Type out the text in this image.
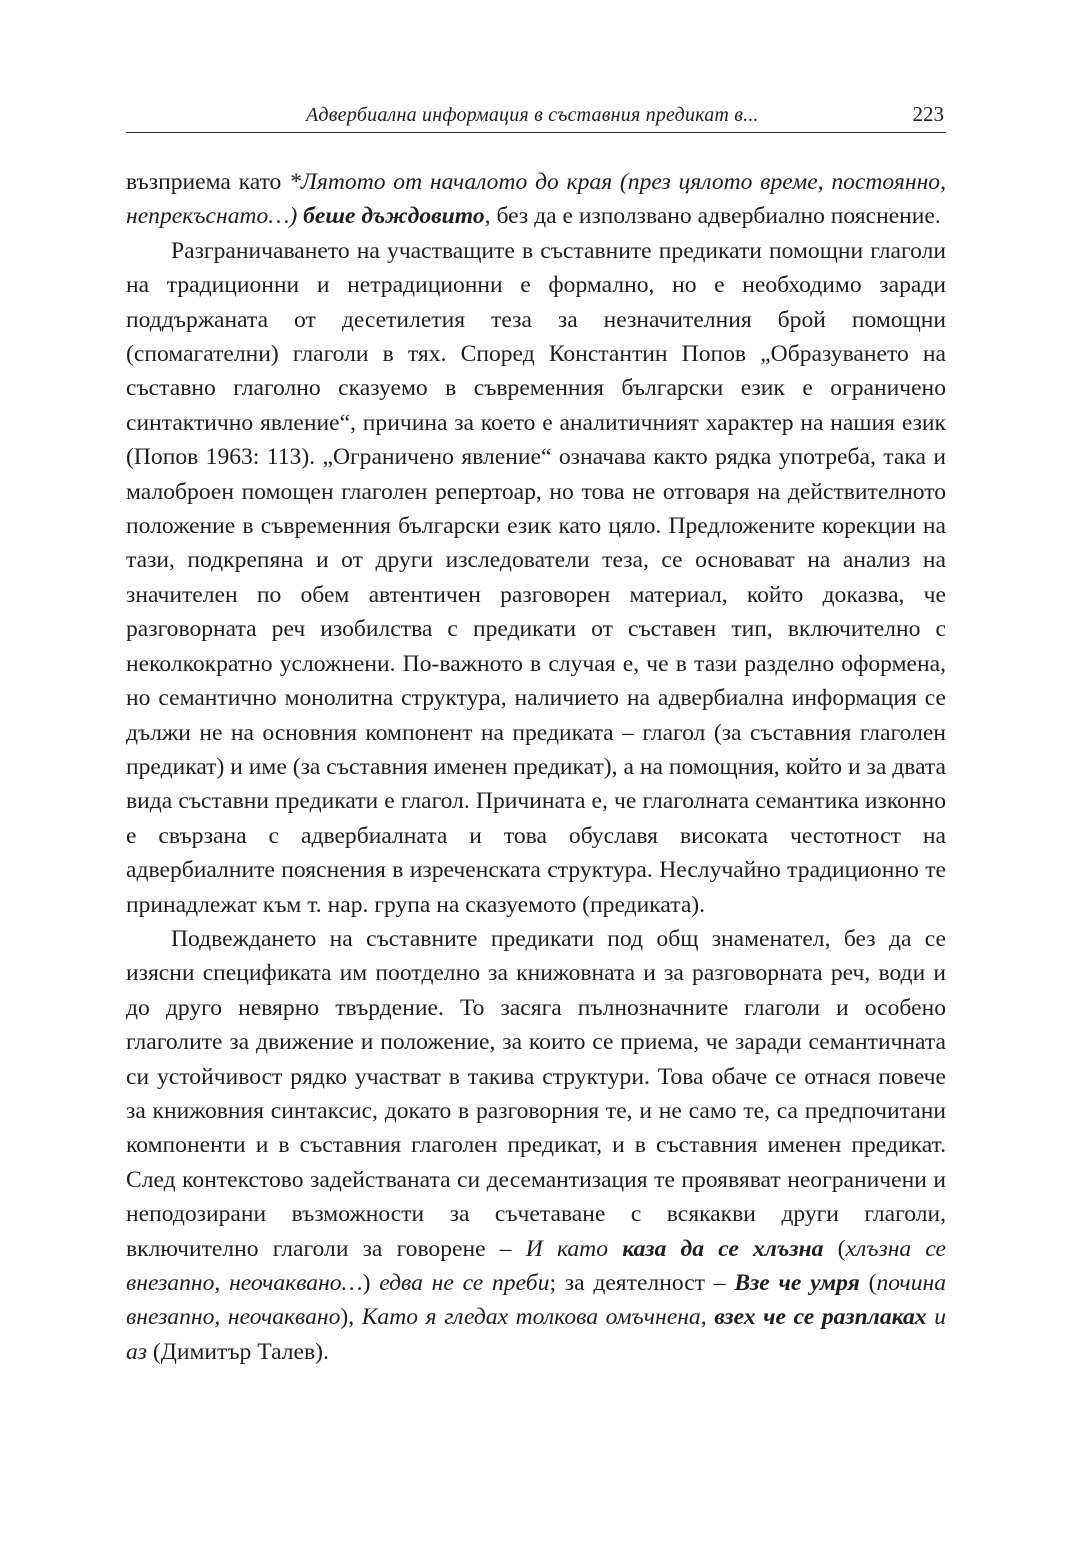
Адвербиална информация в съставния предикат в...	223

възприема като *Лятото от началото до края (през цялото време, постоянно, непрекъснато…) беше дъждовито, без да е използвано адвербиално пояснение.

Разграничаването на участващите в съставните предикати помощни глаголи на традиционни и нетрадиционни е формално, но е необходимо заради поддържаната от десетилетия теза за незначителния брой помощни (спомагателни) глаголи в тях. Според Константин Попов „Образуването на съставно глаголно сказуемо в съвременния български език е ограничено синтактично явление“, причина за което е аналитичният характер на нашия език (Попов 1963: 113). „Ограничено явление“ означава както рядка употреба, така и малоброен помощен глаголен репертоар, но това не отговаря на действителното положение в съвременния български език като цяло. Предложените корекции на тази, подкрепяна и от други изследователи теза, се основават на анализ на значителен по обем автентичен разговорен материал, който доказва, че разговорната реч изобилства с предикати от съставен тип, включително с неколкократно усложнени. По-важното в случая е, че в тази разделно оформена, но семантично монолитна структура, наличието на адвербиална информация се дължи не на основния компонент на предиката – глагол (за съставния глаголен предикат) и име (за съставния именен предикат), а на помощния, който и за двата вида съставни предикати е глагол. Причината е, че глаголната семантика изконно е свързана с адвербиалната и това обуславя високата честотност на адвербиалните пояснения в изреченската структура. Неслучайно традиционно те принадлежат към т. нар. група на сказуемото (предиката).

Подвеждането на съставните предикати под общ знаменател, без да се изясни спецификата им поотделно за книжовната и за разговорната реч, води и до друго невярно твърдение. То засяга пълнозначните глаголи и особено глаголите за движение и положение, за които се приема, че заради семантичната си устойчивост рядко участват в такива структури. Това обаче се отнася повече за книжовния синтаксис, докато в разговорния те, и не само те, са предпочитани компоненти и в съставния глаголен предикат, и в съставния именен предикат. След контекстово задействаната си десемантизация те проявяват неограничени и неподозирани възможности за съчетаване с всякакви други глаголи, включително глаголи за говорене – И като каза да се хлъзна (хлъзна се внезапно, неочаквано…) едва не се преби; за деятелност – Взе че умря (почина внезапно, неочаквано), Като я гледах толкова омъчнена, взех че се разплаках и аз (Димитър Талев).
